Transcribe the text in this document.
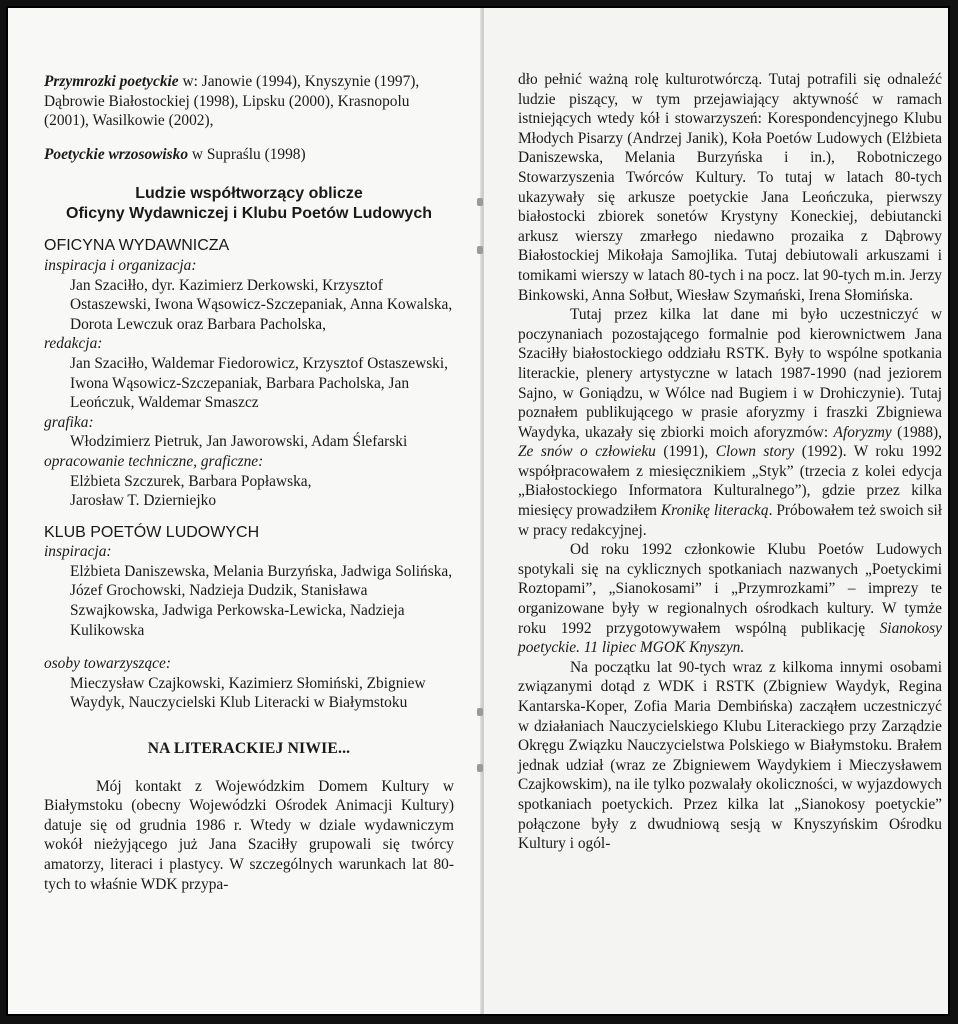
Przymrozki poetyckie w: Janowie (1994), Knyszynie (1997), Dąbrowie Białostockiej (1998), Lipsku (2000), Krasnopolu (2001), Wasilkowie (2002),

Poetyckie wrzosowisko w Supraślu (1998)

Ludzie współtworzący oblicze
Oficyny Wydawniczej i Klubu Poetów Ludowych
OFICYNA WYDAWNICZA
inspiracja i organizacja:
Jan Szaciłło, dyr. Kazimierz Derkowski, Krzysztof Ostaszewski, Iwona Wąsowicz-Szczepaniak, Anna Kowalska, Dorota Lewczuk oraz Barbara Pacholska,
redakcja:
Jan Szaciłło, Waldemar Fiedorowicz, Krzysztof Ostaszewski, Iwona Wąsowicz-Szczepaniak, Barbara Pacholska, Jan Leończuk, Waldemar Smaszcz
grafika:
Włodzimierz Pietruk, Jan Jaworowski, Adam Ślefarski
opracowanie techniczne, graficzne:
Elżbieta Szczurek, Barbara Popławska, Jarosław T. Dzierniejko
KLUB POETÓW LUDOWYCH
inspiracja:
Elżbieta Daniszewska, Melania Burzyńska, Jadwiga Solińska, Józef Grochowski, Nadzieja Dudzik, Stanisława Szwajkowska, Jadwiga Perkowska-Lewicka, Nadzieja Kulikowska
osoby towarzyszące:
Mieczysław Czajkowski, Kazimierz Słomiński, Zbigniew Waydyk, Nauczycielski Klub Literacki w Białymstoku
NA LITERACKIEJ NIWIE...

Mój kontakt z Wojewódzkim Domem Kultury w Białymstoku (obecny Wojewódzki Ośrodek Animacji Kultury) datuje się od grudnia 1986 r. Wtedy w dziale wydawniczym wokół nieżyjącego już Jana Szaciłły grupowali się twórcy amatorzy, literaci i plastycy. W szczególnych warunkach lat 80-tych to właśnie WDK przypa-

dło pełnić ważną rolę kulturotwórczą. Tutaj potrafili się odnaleźć ludzie piszący, w tym przejawiający aktywność w ramach istniejących wtedy kół i stowarzyszeń: Korespondencyjnego Klubu Młodych Pisarzy (Andrzej Janik), Koła Poetów Ludowych (Elżbieta Daniszewska, Melania Burzyńska i in.), Robotniczego Stowarzyszenia Twórców Kultury. To tutaj w latach 80-tych ukazywały się arkusze poetyckie Jana Leończuka, pierwszy białostocki zbiorek sonetów Krystyny Koneckiej, debiutancki arkusz wierszy zmarłego niedawno prozaika z Dąbrowy Białostockiej Mikołaja Samojlika. Tutaj debiutowali arkuszami i tomikami wierszy w latach 80-tych i na pocz. lat 90-tych m.in. Jerzy Binkowski, Anna Sołbut, Wiesław Szymański, Irena Słomińska.

Tutaj przez kilka lat dane mi było uczestniczyć w poczynaniach pozostającego formalnie pod kierownictwem Jana Szaciłły białostockiego oddziału RSTK. Były to wspólne spotkania literackie, plenery artystyczne w latach 1987-1990 (nad jeziorem Sajno, w Goniądzu, w Wólce nad Bugiem i w Drohiczynie). Tutaj poznałem publikującego w prasie aforyzmy i fraszki Zbigniewa Waydyka, ukazały się zbiorki moich aforyzmów: Aforyzmy (1988), Ze snów o człowieku (1991), Clown story (1992). W roku 1992 współpracowałem z miesięcznikiem „Styk” (trzecia z kolei edycja „Białostockiego Informatora Kulturalnego”), gdzie przez kilka miesięcy prowadziłem Kronikę literacką. Próbowałem też swoich sił w pracy redakcyjnej.

Od roku 1992 członkowie Klubu Poetów Ludowych spotykali się na cyklicznych spotkaniach nazwanych „Poetyckimi Roztopami”, „Sianokosami” i „Przymrozkami” – imprezy te organizowane były w regionalnych ośrodkach kultury. W tymże roku 1992 przygotowywałem wspólną publikację Sianokosy poetyckie. 11 lipiec MGOK Knyszyn.

Na początku lat 90-tych wraz z kilkoma innymi osobami związanymi dotąd z WDK i RSTK (Zbigniew Waydyk, Regina Kantarska-Koper, Zofia Maria Dembińska) zacząłem uczestniczyć w działaniach Nauczycielskiego Klubu Literackiego przy Zarządzie Okręgu Związku Nauczycielstwa Polskiego w Białymstoku. Brałem jednak udział (wraz ze Zbigniewem Waydykiem i Mieczysławem Czajkowskim), na ile tylko pozwalały okoliczności, w wyjazdowych spotkaniach poetyckich. Przez kilka lat „Sianokosy poetyckie” połączone były z dwudniową sesją w Knyszyńskim Ośrodku Kultury i ogól-
